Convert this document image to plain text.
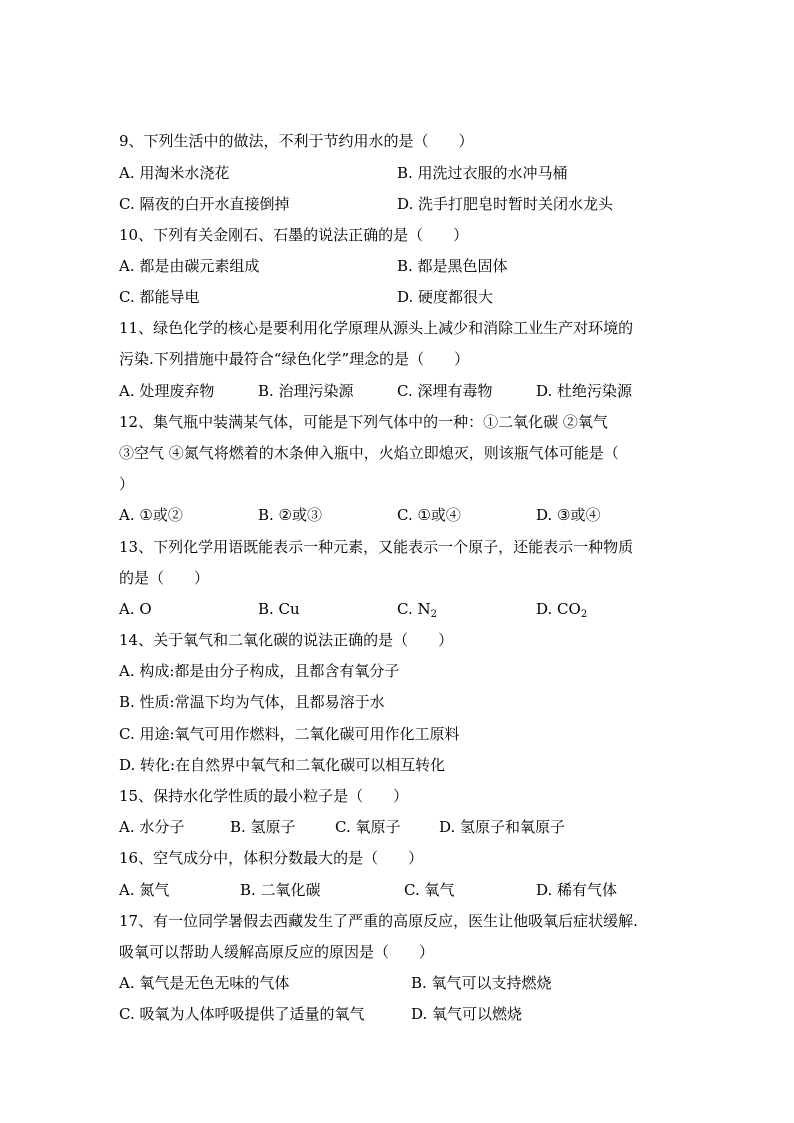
9、下列生活中的做法，不利于节约用水的是（　　）
A. 用淘米水浇花	B. 用洗过衣服的水冲马桶
C. 隔夜的白开水直接倒掉	D. 洗手打肥皂时暂时关闭水龙头
10、下列有关金刚石、石墨的说法正确的是（　　）
A. 都是由碳元素组成	B. 都是黑色固体
C. 都能导电	D. 硬度都很大
11、绿色化学的核心是要利用化学原理从源头上减少和消除工业生产对环境的
污染.下列措施中最符合“绿色化学”理念的是（　　）
A. 处理废弃物	B. 治理污染源	C. 深埋有毒物	D. 杜绝污染源
12、集气瓶中装满某气体，可能是下列气体中的一种：①二氧化碳 ②氧气
③空气 ④氮气将燃着的木条伸入瓶中，火焰立即熄灭，则该瓶气体可能是（
）
A. ①或②	B. ②或③	C. ①或④	D. ③或④
13、下列化学用语既能表示一种元素，又能表示一个原子，还能表示一种物质
的是（　　）
A. O	B. Cu	C. $N_2$	D. $CO_2$
14、关于氧气和二氧化碳的说法正确的是（　　）
A. 构成:都是由分子构成，且都含有氧分子
B. 性质:常温下均为气体，且都易溶于水
C. 用途:氧气可用作燃料，二氧化碳可用作化工原料
D. 转化:在自然界中氧气和二氧化碳可以相互转化
15、保持水化学性质的最小粒子是（　　）
A. 水分子	B. 氢原子	C. 氧原子	D. 氢原子和氧原子
16、空气成分中，体积分数最大的是（　　）
A. 氮气	B. 二氧化碳	C. 氧气	D. 稀有气体
17、有一位同学暑假去西藏发生了严重的高原反应，医生让他吸氧后症状缓解.
吸氧可以帮助人缓解高原反应的原因是（　　）
A. 氧气是无色无味的气体	B. 氧气可以支持燃烧
C. 吸氧为人体呼吸提供了适量的氧气	D. 氧气可以燃烧
